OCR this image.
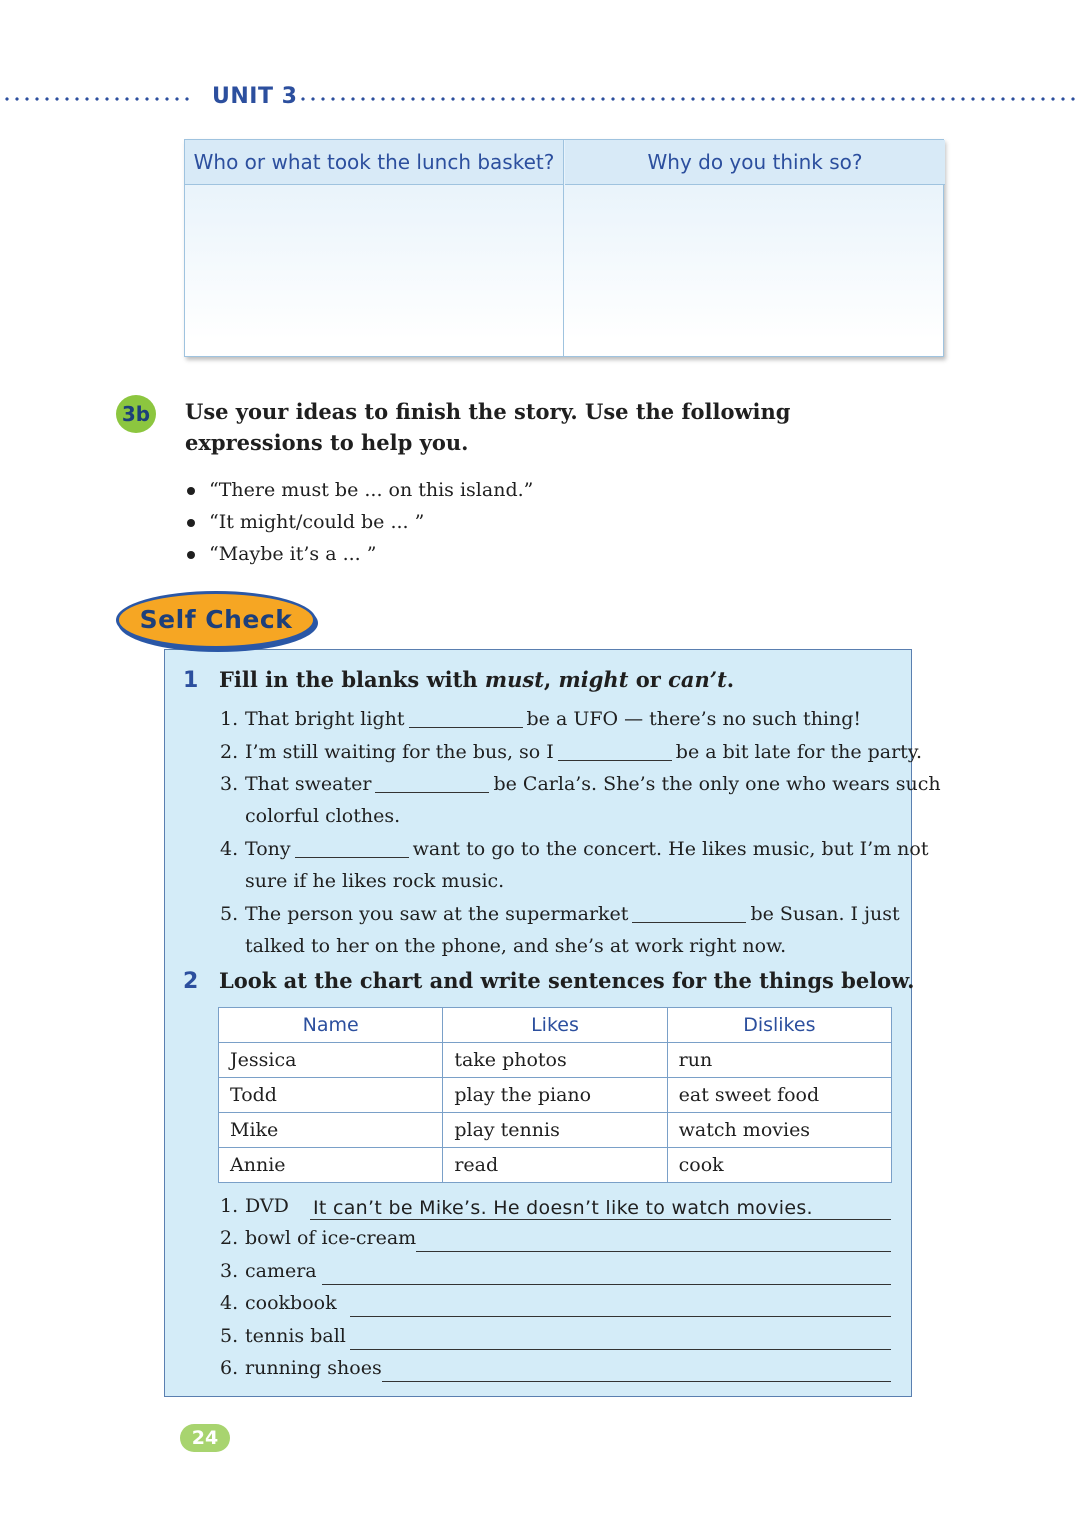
UNIT 3
Who or what took the lunch basket?	Why do you think so?
3b Use your ideas to finish the story. Use the following expressions to help you.
“There must be ... on this island.”
“It might/could be ... ”
“Maybe it’s a ... ”
Self Check
1 Fill in the blanks with must, might or can’t.
1. That bright light	be a UFO — there’s no such thing!
2. I’m still waiting for the bus, so I	be a bit late for the party.
3. That sweater	be Carla’s. She’s the only one who wears such
colorful clothes.
4. Tony	want to go to the concert. He likes music, but I’m not
sure if he likes rock music.
5. The person you saw at the supermarket	be Susan. I just
talked to her on the phone, and she’s at work right now.
2 Look at the chart and write sentences for the things below.
Name	Likes	Dislikes
Jessica	take photos	run
Todd	play the piano	eat sweet food
Mike	play tennis	watch movies
Annie	read	cook
1. DVD It can’t be Mike’s. He doesn’t like to watch movies.
2. bowl of ice-cream
3. camera
4. cookbook
5. tennis ball
6. running shoes
24
